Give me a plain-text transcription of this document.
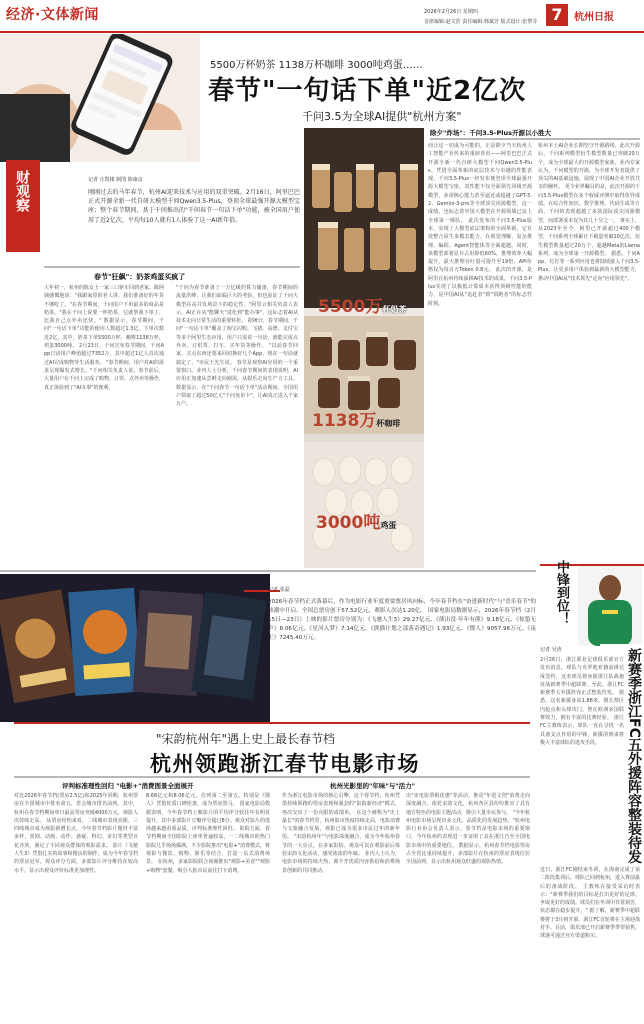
经济·文体新闻	2026年2月26日 星期四
首席编辑:赵文浩 责任编辑:韩斌芳 版式设计:张黎芬 7	杭州日报
5500万杯奶茶 1138万杯咖啡 3000吨鸡蛋……
春节"一句话下单"近2亿次
千问3.5为全球AI提供"杭州方案"
财观察	记者 庄凯楼 制图 陈康彦
刚刚过去的马年春节，杭州AI迎来技术与应用的双重突破。2月16日，阿里巴巴正式开源全新一代自研大模型千问Qwen3.5-Plus，登顶全球最强开源大模型宝座；整个春节期间，基于千问推出的"千问春节一句话下单"功能，被全国用户使用了近2亿次，平均每10人就有1人体验了这一AI新年俗。
春节"狂飙"：奶茶鸡蛋买疯了
大年初一，杭州的陈女士一家三口驱车回到老家。陈阿姨感慨地说："我跟家里的老人讲，我们准备好的年货不够吃了。"在春节期间，千问用户下单最多的商品是奶茶，"我在千问上说要一杯奶茶，它就帮我下单了，比我自己点外卖还快。" 数据显示，春节期间，千问"一句话下单"功能的使用人数超过1.3亿，下单次数近2亿，其中，奶茶下单5500万杯，咖啡1138万杯，鸡蛋3000吨。 2月23日，千问宣布春节期间，千问App日活用户峰值超过7352万，其中超过1亿人首次通过AI完成购物等生活服务。 "春节期间，用户对AI的需求呈现爆发式增长。"千问相关负责人说，春节前后，大量用户在千问上完成了购物、订票、点外卖等操作，真正体验到了"AI办事"的便利。
"千问为春节准备了一万亿级的算力储备，春节期间的流量洪峰，让我们面临巨大的考验，但也验证了千问大模型在高并发场景下的稳定性。"阿里云相关负责人表示，AI正在从"能聊天"进化到"能办事"，这标志着AI从技术走向日常生活的重要转折。 据统计，春节期间，千问"一句话下单"覆盖了淘宝闪购、飞猪、高德、支付宝等多个阿里生态应用，用户只需说一句话，就能完成点外卖、订机票、打车、买年货等操作。 "以前春节回家，买点东西还要来回切换好几个App，现在一句话就搞定了。"市民王先生说。 春节是观察AI应用的一个重要窗口。业内人士分析，千问春节期间的表现说明，AI应用正加速从尝鲜走向刚需，从娱乐走向生产力工具。 数据显示，在"千问春节一句话下单"活动期间，全国用户领取了超过50亿元"千问免单卡"，让AI真正进入千家万户。
5500万杯奶茶
1138万杯咖啡
3000吨鸡蛋
除夕"炸场"：千问3.5-Plus开源以小胜大
而让这一切成为可能的，正是除夕当天杭州人工智能产业传来的重磅喜讯——阿里巴巴正式开源全新一代自研大模型千问Qwen3.5-Plus。凭借全面革新的底层技术与卓越的性能表现，千问3.5-Plus一经发布便登顶全球最强开源大模型宝座，其性能不仅全面领先同级开源模型，多项核心能力甚至逼近或超越了GPT-5.2、Gemini-3-pro等全球顶尖闭源模型。这一成绩，也标志着中国大模型在开源领域已站上全球第一梯队。 此次发布的千问3.5-Plus版本，实现了大模型底层架构的全面革新，它有效整合原生多模态能力，在视觉理解、复杂推理、编程、Agent智能体等全面超越。同时，该模型部署显存占用降低60%，推理效率大幅提升，最大推理吞吐量可提升至19倍，API价格仅为每百万Token 0.8元。 此次的开源，是阿里在杭州持续深耕AI技术的成果。千问3.5-Plus实现了以极低计算成本获得顶级性能的能力，是中国AI从"追赶者"到"领跑者"的标志性时刻。
杭州本土AI企业长期坚守开源路线，此次开源后，千问系列模型衍生模型数量已突破20万个，成为全球最大的开源模型家族。业内专家认为，千问模型的开源，为全球开发者提供了顶尖的AI基础设施，展现了中国AI企业开放共享的胸怀。 更令业界瞩目的是，此次开源的千问3.5-Plus模型在多个权威评测中取得优异成绩。在综合性知识、数学推理、代码生成等方面，千问的表现超越了多款国际顶尖闭源模型，而部署成本仅为其几十分之一。 事实上，从2023年至今，阿里已开源超过400个模型，千问系列全球累计下载量突破10亿次，衍生模型数量超过20万个，超越Meta的Llama系列，成为全球第一开源模型。 据悉，千问App、钉钉等一系列应用也将陆续接入千问3.5-Plus，让更多用户体验到最新的大模型能力，推动中国AI从"技术领先"走向"应用领先"。
记者 张磊
2026年春节档正式落幕后，作为电影行业年度重要票房风向标，今年春节档在"奋进新时代"与"喜乐春节"的热潮中开启，全国总票房创下57.52亿元，观影人次达1.20亿。 国家电影局数据显示，2026年春节档（2月15日—23日）上映的影片票房分别为：《飞驰人生3》29.27亿元、《熊出没·年年有熊》9.18亿元、《惊蛰无声》8.06亿元、《星河入梦》7.14亿元、《熊猫计划之部落奇遇记》1.93亿元、《镖人》9057.96万元、《夜王》7245.40万元。
"宋韵杭州年"遇上史上最长春节档
杭州领跑浙江春节电影市场
评判标准理性回归 "电影+"消费图景全面展开	杭州光影里的"年味"与"活力"
对比2026年春节档(票房2.5亿)和2025年同期，杭州票房在全国城市中排名第五，省会城市排名前列。其中，杭州在春节档期间单日最高票房突破4000万元，观影人次持续走高。 从票房结构来看，二线城市表现亮眼，三四线城市成为观影新增长点。今年春节档影片题材丰富多样，喜剧、动画、动作、悬疑、科幻、奇幻等类型百花齐放，满足了不同观众群体的观影需求。 影片《飞驰人生3》凭借扎实的故事和精良的制作，成为今年春节档的票房冠军。观众评分方面，多部影片评分维持在较高水平，显示出观众评价标准更加理性。
8.68亿元和8.06亿元，位列第二至第五。特别是《镖人》凭借优质口碑逆袭，成为票房黑马。 国家电影局数据表明，今年春节档上映影片的平均评分较往年有明显提升，其中多部影片豆瓣评分超过8分。观众对影片的选择越来越看重品质，评判标准理性回归。 影院方面，春节档期间全国影院上座率普遍较高，一二线城市的热门影院几乎场场爆满。不少影院推出"电影+"消费模式，将观影与餐饮、购物、娱乐等结合，打造一站式消费场景。 在杭州，多家影院联合商圈推出"观影+美食""观影+购物"套餐，吸引大批市民前往打卡消费。
作为浙江电影市场的核心引擎，这个春节档，杭州凭借持续领跑的票房表现和强劲的"影院新经济"模式，再次交出了一份亮眼的成绩单。 在这个被称为"史上最长"的春节档里，杭州影市热度持续走高，电影消费与文旅融合发展，观影已成为很多市民过年的新年俗。 "宋韵杭州年"与电影深度融合，成为今年杭州春节的一大亮点。在多家影院，观众可以在观影前后体验宋韵文化活动，感受浓浓的年味。 业内人士认为，电影市场的持续火热，离不开优质内容供给和消费场景创新的共同推动。
出"宋电影票根优惠"等活动，推动"年进文创"消费走向深度融合。依托宋韵文化，杭州各区县纷纷推出了具有地方特色的电影主题活动，吸引大量市民参与。 "今年杭州电影市场呈现出多元化、品质化的发展趋势。"杭州电影行业协会负责人表示，春节档是电影市场的重要窗口，今年杭州的表现进一步证明了其在浙江乃至全国电影市场中的重要地位。 数据显示，杭州春节档电影票房占全省比重持续提升，多部影片在杭州的票房表现位居全国前列，显示出杭州观众旺盛的观影热情。
中锋到位！
新赛季浙江FC五外援阵容整装待发
记者 吴涛
2月26日，浙江职业足球俱乐部官方发布消息，球队与克罗地亚籍前锋达成签约，这名球员将身披浙江队战袍征战新赛季中超联赛。至此，浙江FC新赛季五外援阵容正式整装待发。 据悉，这名新援身高1.88米，擅长禁区内抢点和头球攻门，曾在欧洲多国联赛效力，拥有丰富的比赛经验。 浙江FC主教练表示，球队一直在寻找一名具备支点作用的中锋，新援的到来将极大丰富球队的进攻手段。
近日，浙江FC刚结束冬训，在海南完成了第二阶段集训后，球队已回到杭州，进入赛前最后的备战阶段。 主教练在接受采访时表示："新赛季我们的目标是打出更好的足球，争取更好的成绩。球员们在冬训中非常刻苦，状态都在稳步提升。" 据了解，新赛季中超联赛将于3月初开幕，浙江FC首轮将在主场迎战对手。目前，俱乐部已开启新赛季季票销售，球迷可通过官方渠道购买。
